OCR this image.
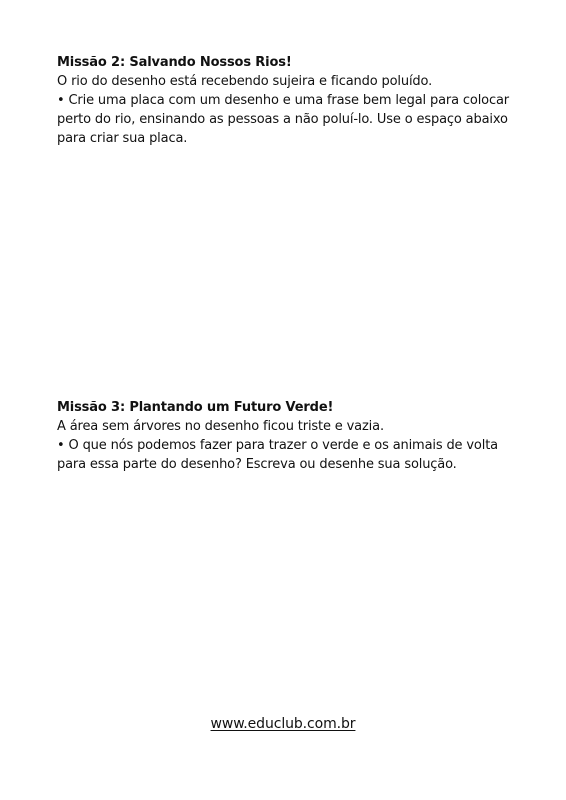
Missão 2: Salvando Nossos Rios!

O rio do desenho está recebendo sujeira e ficando poluído.

• Crie uma placa com um desenho e uma frase bem legal para colocar perto do rio, ensinando as pessoas a não poluí-lo. Use o espaço abaixo para criar sua placa.

Missão 3: Plantando um Futuro Verde!

A área sem árvores no desenho ficou triste e vazia.

• O que nós podemos fazer para trazer o verde e os animais de volta para essa parte do desenho? Escreva ou desenhe sua solução.

www.educlub.com.br
